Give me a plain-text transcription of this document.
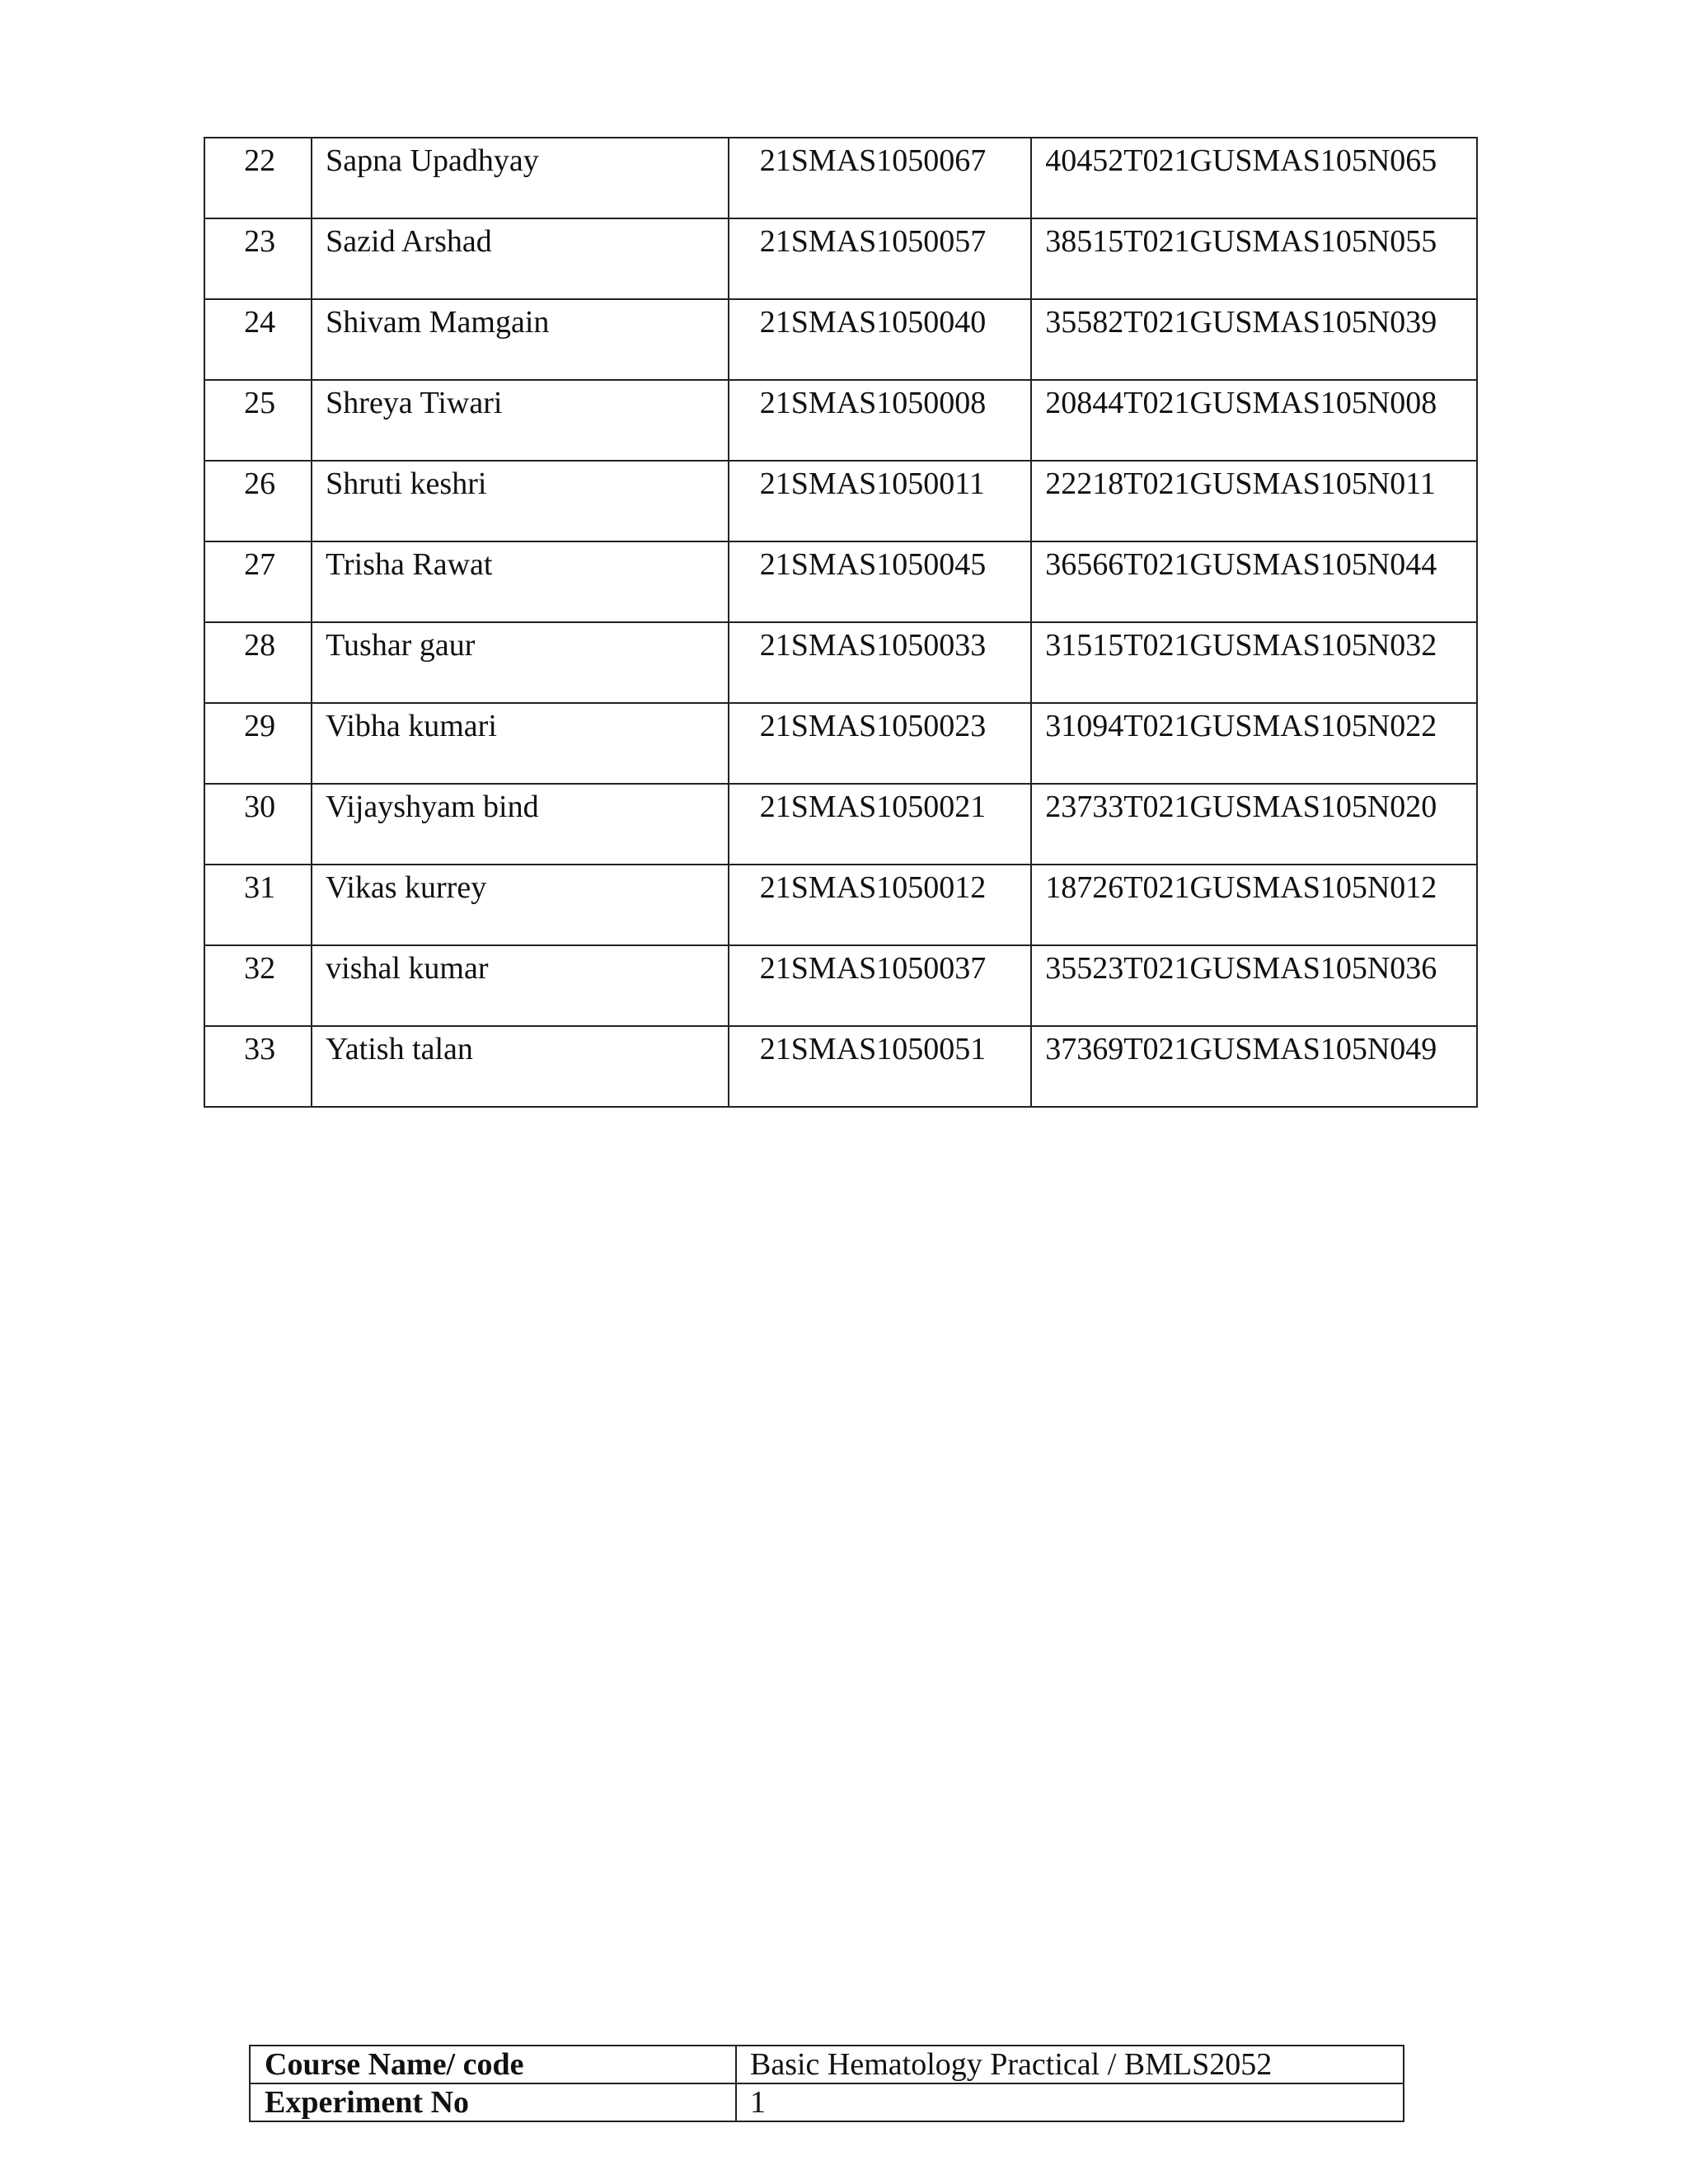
22	Sapna Upadhyay	21SMAS1050067	40452T021GUSMAS105N065

23	Sazid Arshad	21SMAS1050057	38515T021GUSMAS105N055

24	Shivam Mamgain	21SMAS1050040	35582T021GUSMAS105N039

25	Shreya Tiwari	21SMAS1050008	20844T021GUSMAS105N008

26	Shruti keshri	21SMAS1050011	22218T021GUSMAS105N011

27	Trisha Rawat	21SMAS1050045	36566T021GUSMAS105N044

28	Tushar gaur	21SMAS1050033	31515T021GUSMAS105N032

29	Vibha kumari	21SMAS1050023	31094T021GUSMAS105N022

30	Vijayshyam bind	21SMAS1050021	23733T021GUSMAS105N020

31	Vikas kurrey	21SMAS1050012	18726T021GUSMAS105N012

32	vishal kumar	21SMAS1050037	35523T021GUSMAS105N036

33	Yatish talan	21SMAS1050051	37369T021GUSMAS105N049
Course Name/ code	Basic Hematology Practical / BMLS2052
Experiment No	1
